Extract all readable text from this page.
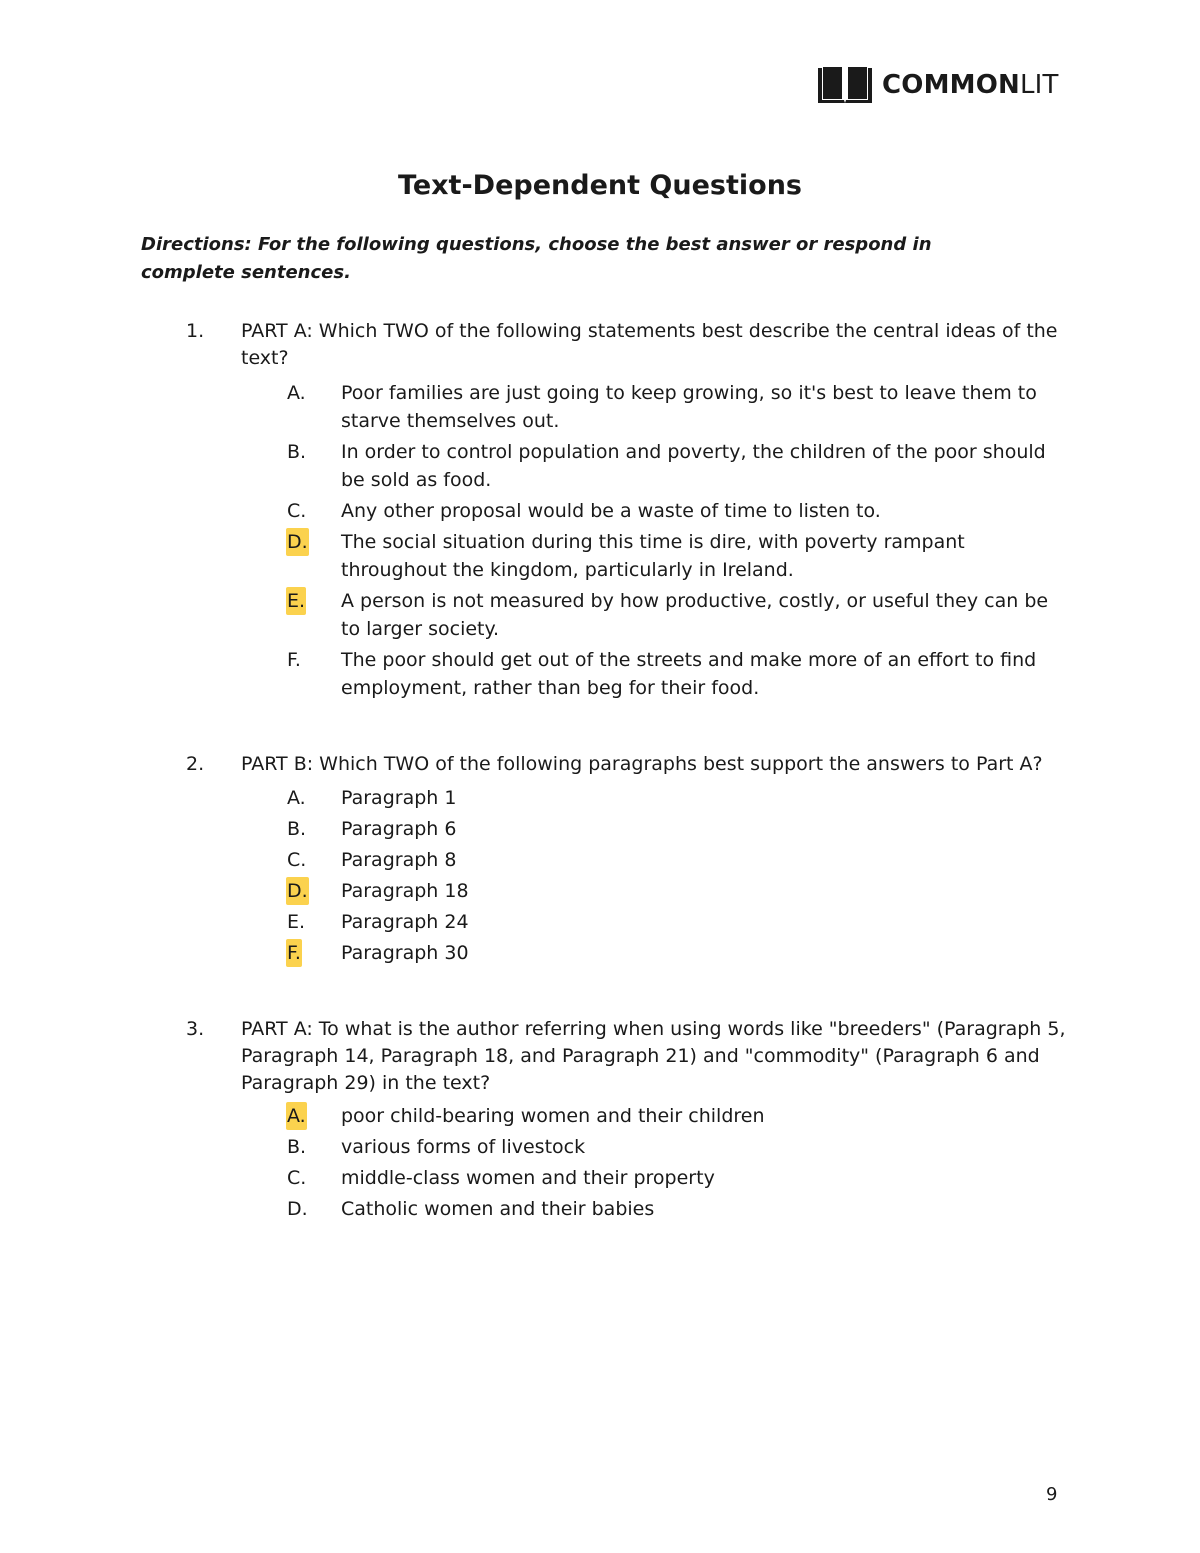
COMMONLIT
Text-Dependent Questions

Directions: For the following questions, choose the best answer or respond in complete sentences.

1. PART A: Which TWO of the following statements best describe the central ideas of the text?
A. Poor families are just going to keep growing, so it's best to leave them to starve themselves out.
B. In order to control population and poverty, the children of the poor should be sold as food.
C. Any other proposal would be a waste of time to listen to.
D. The social situation during this time is dire, with poverty rampant throughout the kingdom, particularly in Ireland.
E. A person is not measured by how productive, costly, or useful they can be to larger society.
F. The poor should get out of the streets and make more of an effort to find employment, rather than beg for their food.
2. PART B: Which TWO of the following paragraphs best support the answers to Part A?
A. Paragraph 1
B. Paragraph 6
C. Paragraph 8
D. Paragraph 18
E. Paragraph 24
F. Paragraph 30
3. PART A: To what is the author referring when using words like "breeders" (Paragraph 5, Paragraph 14, Paragraph 18, and Paragraph 21) and "commodity" (Paragraph 6 and Paragraph 29) in the text?
A. poor child-bearing women and their children
B. various forms of livestock
C. middle-class women and their property
D. Catholic women and their babies

9
